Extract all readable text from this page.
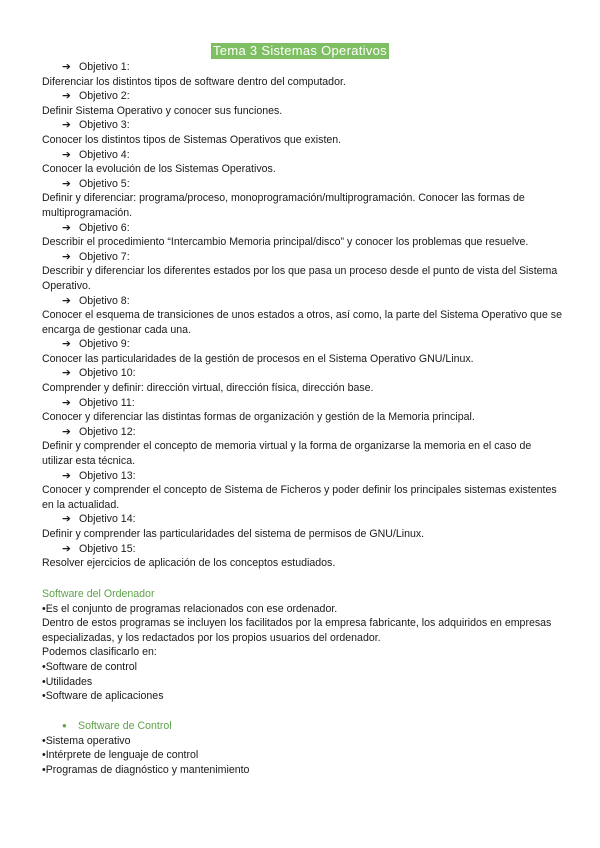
Tema 3 Sistemas Operativos
➔ Objetivo 1:
Diferenciar los distintos tipos de software dentro del computador.
➔ Objetivo 2:
Definir Sistema Operativo y conocer sus funciones.
➔ Objetivo 3:
Conocer los distintos tipos de Sistemas Operativos que existen.
➔ Objetivo 4:
Conocer la evolución de los Sistemas Operativos.
➔ Objetivo 5:
Definir y diferenciar: programa/proceso, monoprogramación/multiprogramación. Conocer las formas de multiprogramación.
➔ Objetivo 6:
Describir el procedimiento “Intercambio Memoria principal/disco” y conocer los problemas que resuelve.
➔ Objetivo 7:
Describir y diferenciar los diferentes estados por los que pasa un proceso desde el punto de vista del Sistema Operativo.
➔ Objetivo 8:
Conocer el esquema de transiciones de unos estados a otros, así como, la parte del Sistema Operativo que se encarga de gestionar cada una.
➔ Objetivo 9:
Conocer las particularidades de la gestión de procesos en el Sistema Operativo GNU/Linux.
➔ Objetivo 10:
Comprender y definir: dirección virtual, dirección física, dirección base.
➔ Objetivo 11:
Conocer y diferenciar las distintas formas de organización y gestión de la Memoria principal.
➔ Objetivo 12:
Definir y comprender el concepto de memoria virtual y la forma de organizarse la memoria en el caso de utilizar esta técnica.
➔ Objetivo 13:
Conocer y comprender el concepto de Sistema de Ficheros y poder definir los principales sistemas existentes en la actualidad.
➔ Objetivo 14:
Definir y comprender las particularidades del sistema de permisos de GNU/Linux.
➔ Objetivo 15:
Resolver ejercicios de aplicación de los conceptos estudiados.
Software del Ordenador
•Es el conjunto de programas relacionados con ese ordenador.
Dentro de estos programas se incluyen los facilitados por la empresa fabricante, los adquiridos en empresas especializadas, y los redactados por los propios usuarios del ordenador.
Podemos clasificarlo en:
•Software de control
•Utilidades
•Software de aplicaciones
● Software de Control
•Sistema operativo
•Intérprete de lenguaje de control
•Programas de diagnóstico y mantenimiento
